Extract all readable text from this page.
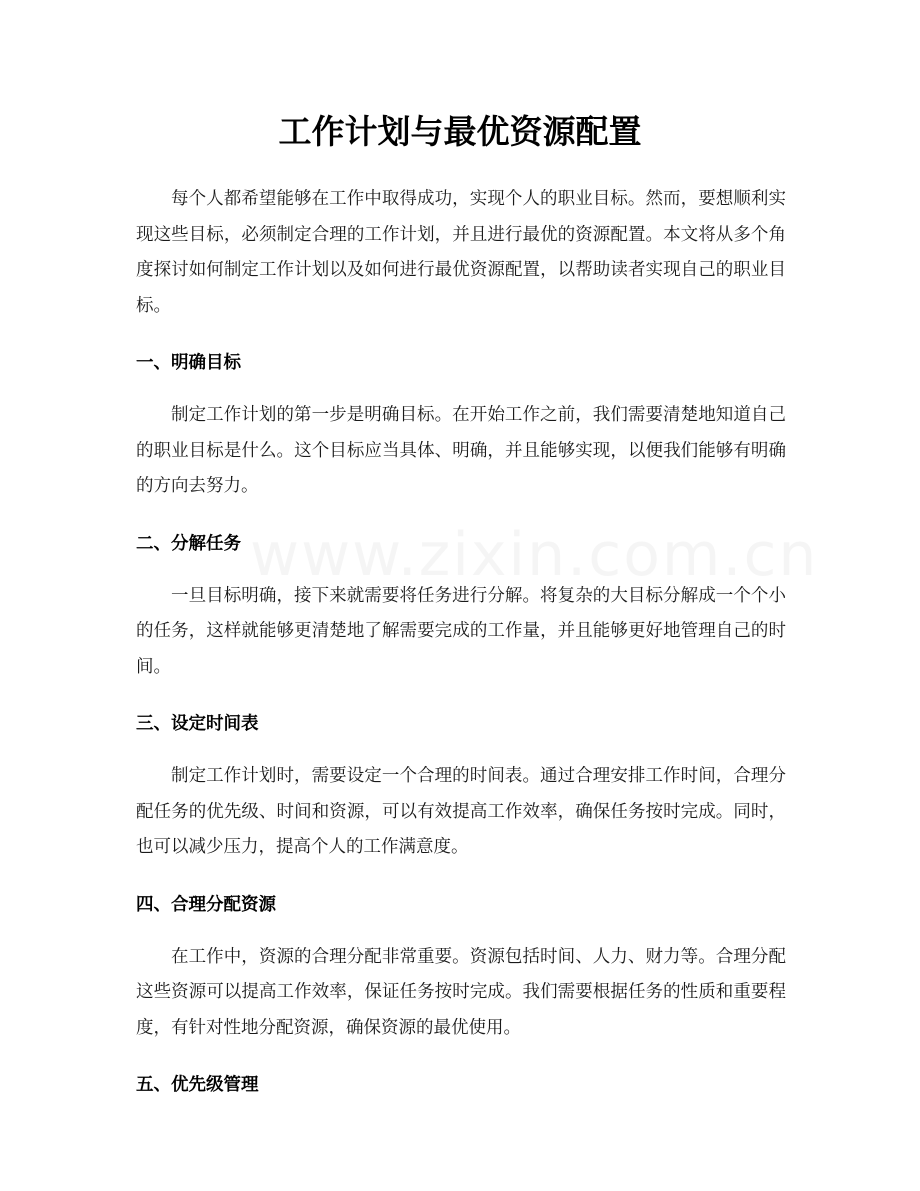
www.zixin.com.cn
工作计划与最优资源配置

每个人都希望能够在工作中取得成功，实现个人的职业目标。然而，要想顺利实现这些目标，必须制定合理的工作计划，并且进行最优的资源配置。本文将从多个角度探讨如何制定工作计划以及如何进行最优资源配置，以帮助读者实现自己的职业目标。

一、明确目标

制定工作计划的第一步是明确目标。在开始工作之前，我们需要清楚地知道自己的职业目标是什么。这个目标应当具体、明确，并且能够实现，以便我们能够有明确的方向去努力。

二、分解任务

一旦目标明确，接下来就需要将任务进行分解。将复杂的大目标分解成一个个小的任务，这样就能够更清楚地了解需要完成的工作量，并且能够更好地管理自己的时间。

三、设定时间表

制定工作计划时，需要设定一个合理的时间表。通过合理安排工作时间，合理分配任务的优先级、时间和资源，可以有效提高工作效率，确保任务按时完成。同时，也可以减少压力，提高个人的工作满意度。

四、合理分配资源

在工作中，资源的合理分配非常重要。资源包括时间、人力、财力等。合理分配这些资源可以提高工作效率，保证任务按时完成。我们需要根据任务的性质和重要程度，有针对性地分配资源，确保资源的最优使用。

五、优先级管理
